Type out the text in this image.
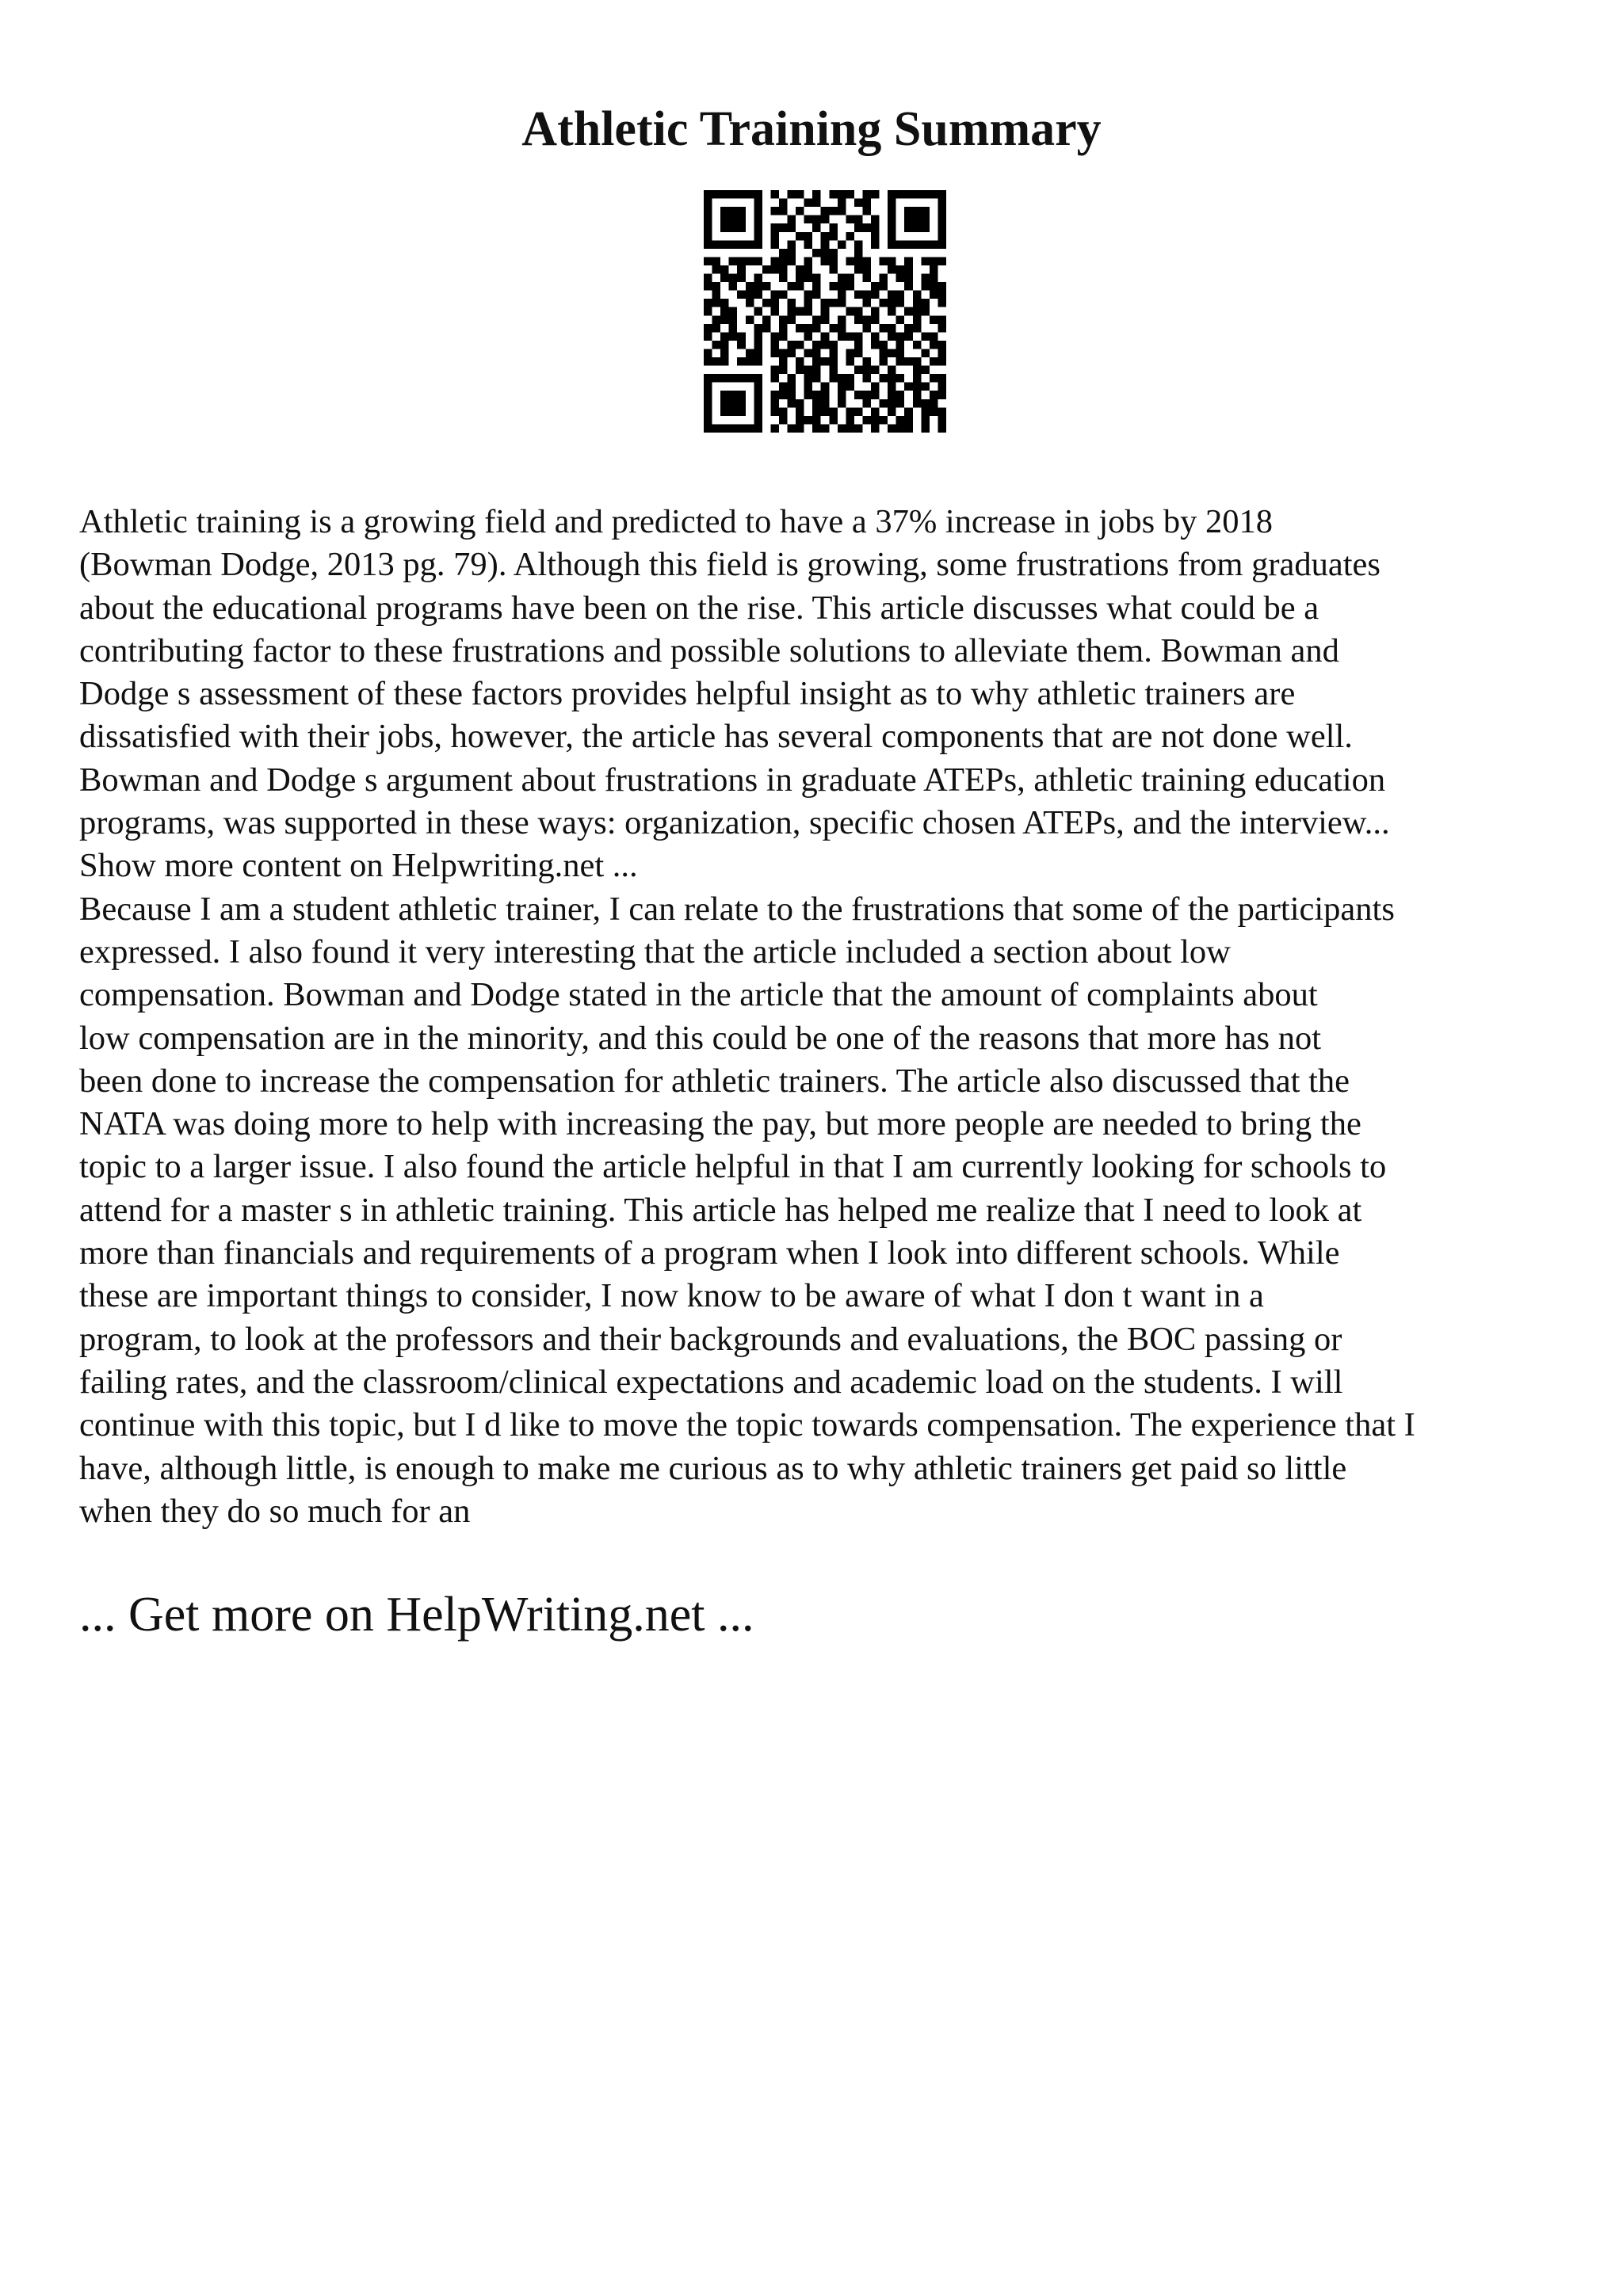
Athletic Training Summary
Athletic training is a growing field and predicted to have a 37% increase in jobs by 2018
(Bowman Dodge, 2013 pg. 79). Although this field is growing, some frustrations from graduates
about the educational programs have been on the rise. This article discusses what could be a
contributing factor to these frustrations and possible solutions to alleviate them. Bowman and
Dodge s assessment of these factors provides helpful insight as to why athletic trainers are
dissatisfied with their jobs, however, the article has several components that are not done well.
Bowman and Dodge s argument about frustrations in graduate ATEPs, athletic training education
programs, was supported in these ways: organization, specific chosen ATEPs, and the interview...
Show more content on Helpwriting.net ...
Because I am a student athletic trainer, I can relate to the frustrations that some of the participants
expressed. I also found it very interesting that the article included a section about low
compensation. Bowman and Dodge stated in the article that the amount of complaints about
low compensation are in the minority, and this could be one of the reasons that more has not
been done to increase the compensation for athletic trainers. The article also discussed that the
NATA was doing more to help with increasing the pay, but more people are needed to bring the
topic to a larger issue. I also found the article helpful in that I am currently looking for schools to
attend for a master s in athletic training. This article has helped me realize that I need to look at
more than financials and requirements of a program when I look into different schools. While
these are important things to consider, I now know to be aware of what I don t want in a
program, to look at the professors and their backgrounds and evaluations, the BOC passing or
failing rates, and the classroom/clinical expectations and academic load on the students. I will
continue with this topic, but I d like to move the topic towards compensation. The experience that I
have, although little, is enough to make me curious as to why athletic trainers get paid so little
when they do so much for an
... Get more on HelpWriting.net ...
